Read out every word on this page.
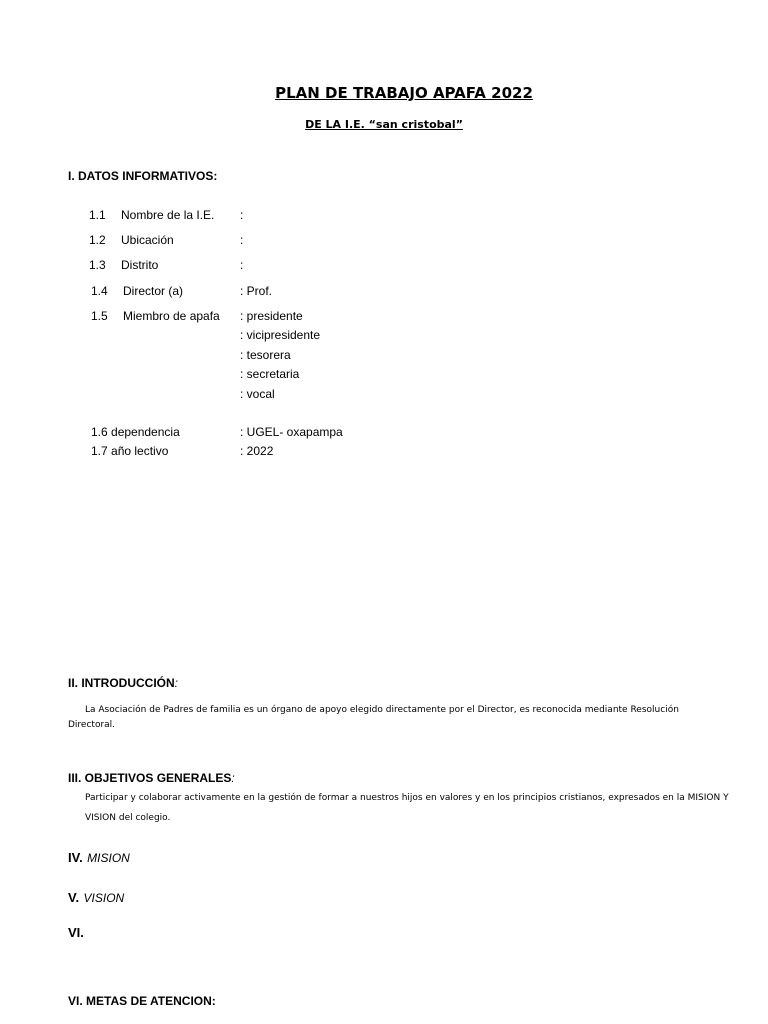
PLAN DE TRABAJO APAFA 2022
DE LA I.E. “san cristobal”
I. DATOS INFORMATIVOS:
1.1 Nombre de la I.E. :
1.2 Ubicación	:
1.3 Distrito	:
1.4 Director (a)	: Prof.
1.5 Miembro de apafa : presidente
: vicipresidente
: tesorera
: secretaria
: vocal
1.6 dependencia	: UGEL- oxapampa
1.7 año lectivo	: 2022
II. INTRODUCCIÓN:
La Asociación de Padres de familia es un órgano de apoyo elegido directamente por el Director, es reconocida mediante Resolución
Directoral.
III. OBJETIVOS GENERALES:
Participar y colaborar activamente en la gestión de formar a nuestros hijos en valores y en los principios cristianos, expresados en la MISION Y
VISION del colegio.
IV. MISION
V. VISION
VI.
VI. METAS DE ATENCION:
